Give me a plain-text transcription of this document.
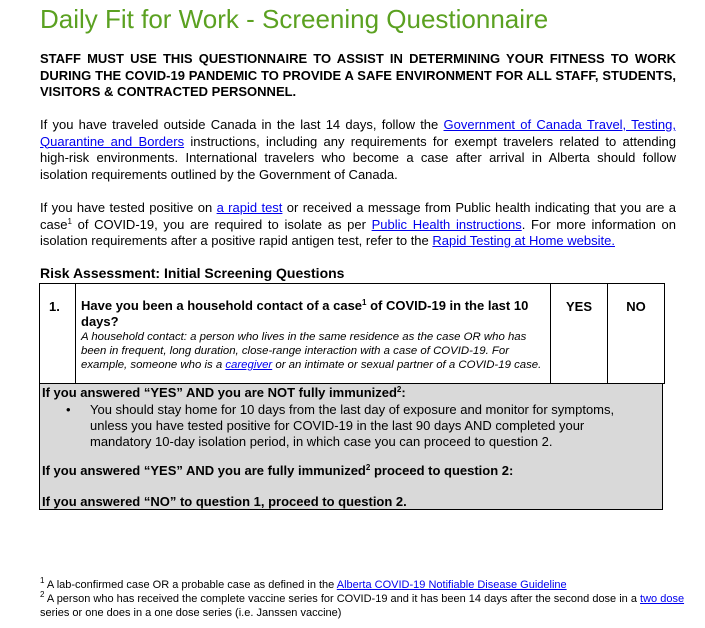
Daily Fit for Work - Screening Questionnaire
STAFF MUST USE THIS QUESTIONNAIRE TO ASSIST IN DETERMINING YOUR FITNESS TO WORK DURING THE COVID-19 PANDEMIC TO PROVIDE A SAFE ENVIRONMENT FOR ALL STAFF, STUDENTS, VISITORS & CONTRACTED PERSONNEL.
If you have traveled outside Canada in the last 14 days, follow the Government of Canada Travel, Testing, Quarantine and Borders instructions, including any requirements for exempt travelers related to attending high-risk environments. International travelers who become a case after arrival in Alberta should follow isolation requirements outlined by the Government of Canada.
If you have tested positive on a rapid test or received a message from Public health indicating that you are a case$^1$ of COVID-19, you are required to isolate as per Public Health instructions. For more information on isolation requirements after a positive rapid antigen test, refer to the Rapid Testing at Home website.
Risk Assessment: Initial Screening Questions
1. Have you been a household contact of a case$^1$ of COVID-19 in the last 10 days?
A household contact: a person who lives in the same residence as the case OR who has been in frequent, long duration, close-range interaction with a case of COVID-19. For example, someone who is a caregiver or an intimate or sexual partner of a COVID-19 case.
YES	NO
If you answered “YES” AND you are NOT fully immunized$^2$:
• You should stay home for 10 days from the last day of exposure and monitor for symptoms, unless you have tested positive for COVID-19 in the last 90 days AND completed your mandatory 10-day isolation period, in which case you can proceed to question 2.
If you answered “YES” AND you are fully immunized$^2$ proceed to question 2:
If you answered “NO” to question 1, proceed to question 2.

$^1$ A lab-confirmed case OR a probable case as defined in the Alberta COVID-19 Notifiable Disease Guideline

$^2$ A person who has received the complete vaccine series for COVID-19 and it has been 14 days after the second dose in a two dose series or one does in a one dose series (i.e. Janssen vaccine)
